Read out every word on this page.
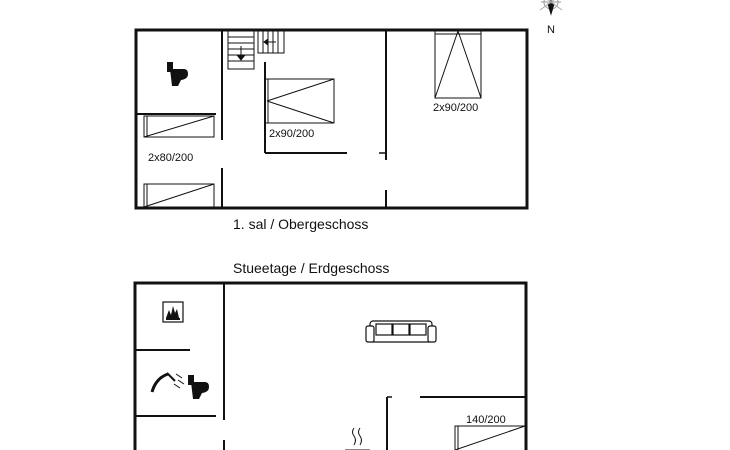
N
2x80/200
2x90/200
2x90/200
1. sal / Obergeschoss
Stueetage / Erdgeschoss
140/200
